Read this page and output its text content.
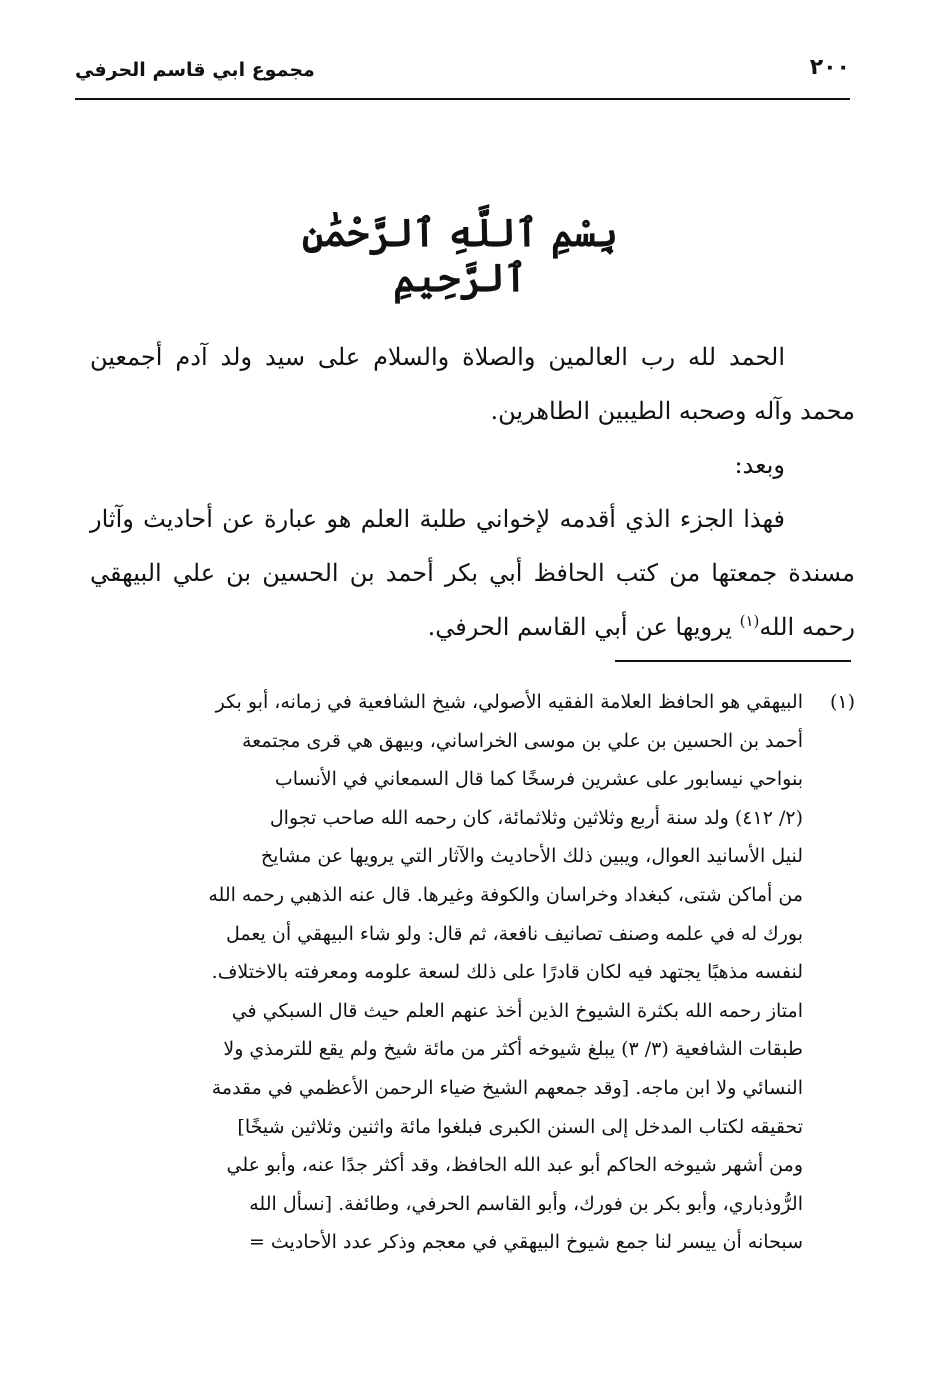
مجموع ابي قاسم الحرفي	٢٠٠
بِسْمِ ٱللَّهِ ٱلرَّحْمَٰنِ ٱلرَّحِيمِ

الحمد لله رب العالمين والصلاة والسلام على سيد ولد آدم أجمعين محمد وآله وصحبه الطيبين الطاهرين.

وبعد:

فهذا الجزء الذي أقدمه لإخواني طلبة العلم هو عبارة عن أحاديث وآثار مسندة جمعتها من كتب الحافظ أبي بكر أحمد بن الحسين بن علي البيهقي رحمه الله$^{(١)}$ يرويها عن أبي القاسم الحرفي.

(١)
البيهقي هو الحافظ العلامة الفقيه الأصولي، شيخ الشافعية في زمانه، أبو بكر
أحمد بن الحسين بن علي بن موسى الخراساني، وبيهق هي قرى مجتمعة
بنواحي نيسابور على عشرين فرسخًا كما قال السمعاني في الأنساب
(٢/ ٤١٢) ولد سنة أربع وثلاثين وثلاثمائة، كان رحمه الله صاحب تجوال
لنيل الأسانيد العوال، ويبين ذلك الأحاديث والآثار التي يرويها عن مشايخ
من أماكن شتى، كبغداد وخراسان والكوفة وغيرها. قال عنه الذهبي رحمه الله
بورك له في علمه وصنف تصانيف نافعة، ثم قال: ولو شاء البيهقي أن يعمل
لنفسه مذهبًا يجتهد فيه لكان قادرًا على ذلك لسعة علومه ومعرفته بالاختلاف.
امتاز رحمه الله بكثرة الشيوخ الذين أخذ عنهم العلم حيث قال السبكي في
طبقات الشافعية (٣/ ٣) يبلغ شيوخه أكثر من مائة شيخ ولم يقع للترمذي ولا
النسائي ولا ابن ماجه. [وقد جمعهم الشيخ ضياء الرحمن الأعظمي في مقدمة
تحقيقه لكتاب المدخل إلى السنن الكبرى فبلغوا مائة واثنين وثلاثين شيخًا]
ومن أشهر شيوخه الحاكم أبو عبد الله الحافظ، وقد أكثر جدًا عنه، وأبو علي
الرُّوذباري، وأبو بكر بن فورك، وأبو القاسم الحرفي، وطائفة. [نسأل الله
سبحانه أن ييسر لنا جمع شيوخ البيهقي في معجم وذكر عدد الأحاديث =
